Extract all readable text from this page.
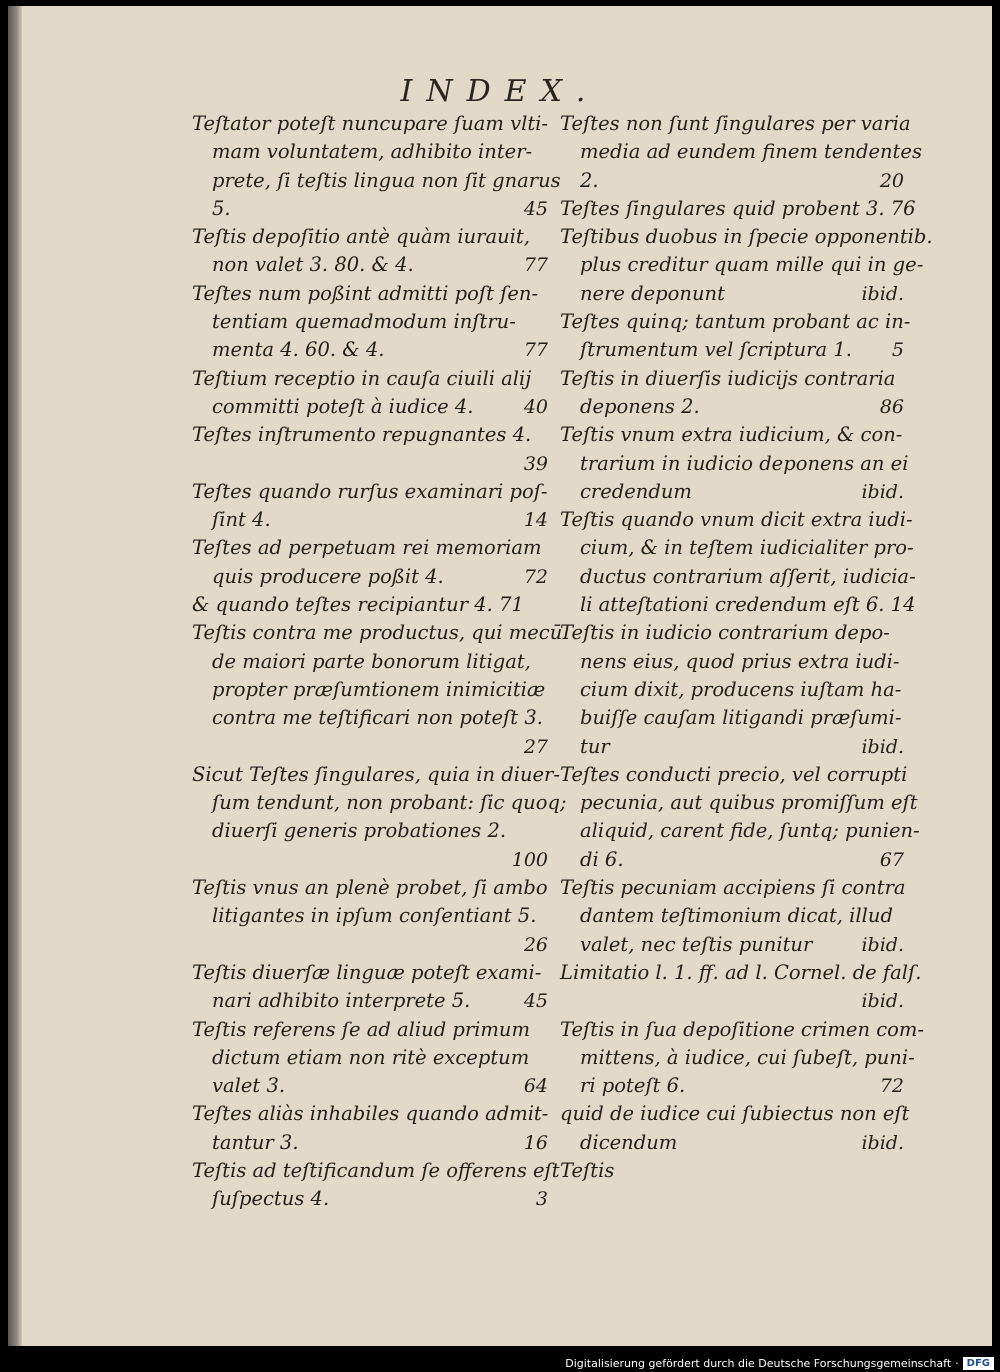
INDEX.
Teſtator poteſt nuncupare ſuam vlti-
mam voluntatem, adhibito inter-
prete, ſi teſtis lingua non ſit gnarus
5.	45
Teſtis depoſitio antè quàm iurauit,
non valet 3. 80. & 4.	77
Teſtes num poßint admitti poſt ſen-
tentiam quemadmodum inſtru-
menta 4. 60. & 4.	77
Teſtium receptio in cauſa ciuili alij
committi poteſt à iudice 4.	40
Teſtes inſtrumento repugnantes 4.
39
Teſtes quando rurſus examinari poſ-
ſint 4.	14
Teſtes ad perpetuam rei memoriam
quis producere poßit 4.	72
& quando teſtes recipiantur 4. 71
Teſtis contra me productus, qui mecū
de maiori parte bonorum litigat,
propter præſumtionem inimicitiæ
contra me teſtificari non poteſt 3.
27
Sicut Teſtes ſingulares, quia in diuer-
ſum tendunt, non probant: ſic quoq;
diuerſi generis probationes 2.
100
Teſtis vnus an plenè probet, ſi ambo
litigantes in ipſum conſentiant 5.
26
Teſtis diuerſæ linguæ poteſt exami-
nari adhibito interprete 5.	45
Teſtis referens ſe ad aliud primum
dictum etiam non ritè exceptum
valet 3.	64
Teſtes aliàs inhabiles quando admit-
tantur 3.	16
Teſtis ad teſtificandum ſe offerens eſt
ſuſpectus 4.	3
Teſtes non ſunt ſingulares per varia
media ad eundem finem tendentes
2.	20
Teſtes ſingulares quid probent 3. 76
Teſtibus duobus in ſpecie opponentib.
plus creditur quam mille qui in ge-
nere deponunt	ibid.
Teſtes quinq; tantum probant ac in-
ſtrumentum vel ſcriptura 1. 5
Teſtis in diuerſis iudicijs contraria
deponens 2.	86
Teſtis vnum extra iudicium, & con-
trarium in iudicio deponens an ei
credendum	ibid.
Teſtis quando vnum dicit extra iudi-
cium, & in teſtem iudicialiter pro-
ductus contrarium aſſerit, iudicia-
li atteſtationi credendum eſt 6. 14
Teſtis in iudicio contrarium depo-
nens eius, quod prius extra iudi-
cium dixit, producens iuſtam ha-
buiſſe cauſam litigandi præſumi-
tur	ibid.
Teſtes conducti precio, vel corrupti
pecunia, aut quibus promiſſum eſt
aliquid, carent fide, ſuntq; punien-
di 6.	67
Teſtis pecuniam accipiens ſi contra
dantem teſtimonium dicat, illud
valet, nec teſtis punitur	ibid.
Limitatio l. 1. ff. ad l. Cornel. de falſ.
ibid.
Teſtis in ſua depoſitione crimen com-
mittens, à iudice, cui ſubeſt, puni-
ri poteſt 6.	72
quid de iudice cui ſubiectus non eſt
dicendum	ibid.
Teſtis
Digitalisierung gefördert durch die Deutsche Forschungsgemeinschaft · DFG
